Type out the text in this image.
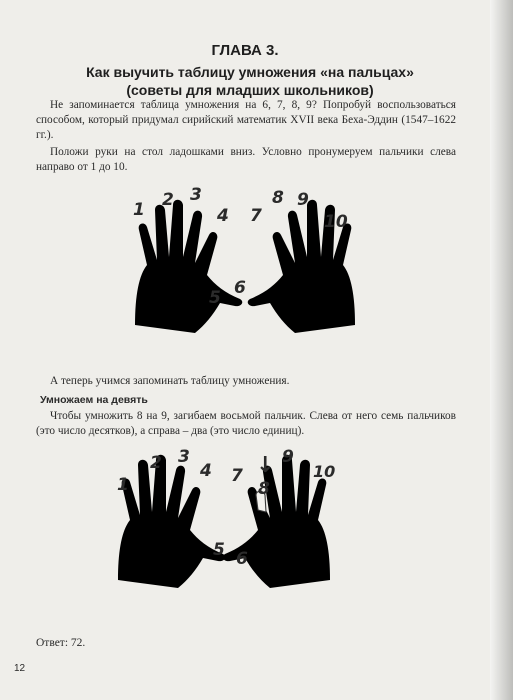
ГЛАВА 3.
Как выучить таблицу умножения «на пальцах»
(советы для младших школьников)

Не запоминается таблица умножения на 6, 7, 8, 9? Попробуй воспользоваться способом, который придумал сирийский математик XVII века Беха-Эддин (1547–1622 гг.).

Положи руки на стол ладошками вниз. Условно пронумеруем пальчики слева направо от 1 до 10.

1 2 3
4
5 6
7
8 9
10

А теперь учимся запоминать таблицу умножения.

Умножаем на девять

Чтобы умножить 8 на 9, загибаем восьмой пальчик. Слева от него семь пальчиков (это число десятков), а справа – два (это число единиц).

1
2 3
4
5 6
7
8
9
10
↓
Ответ: 72.
12
